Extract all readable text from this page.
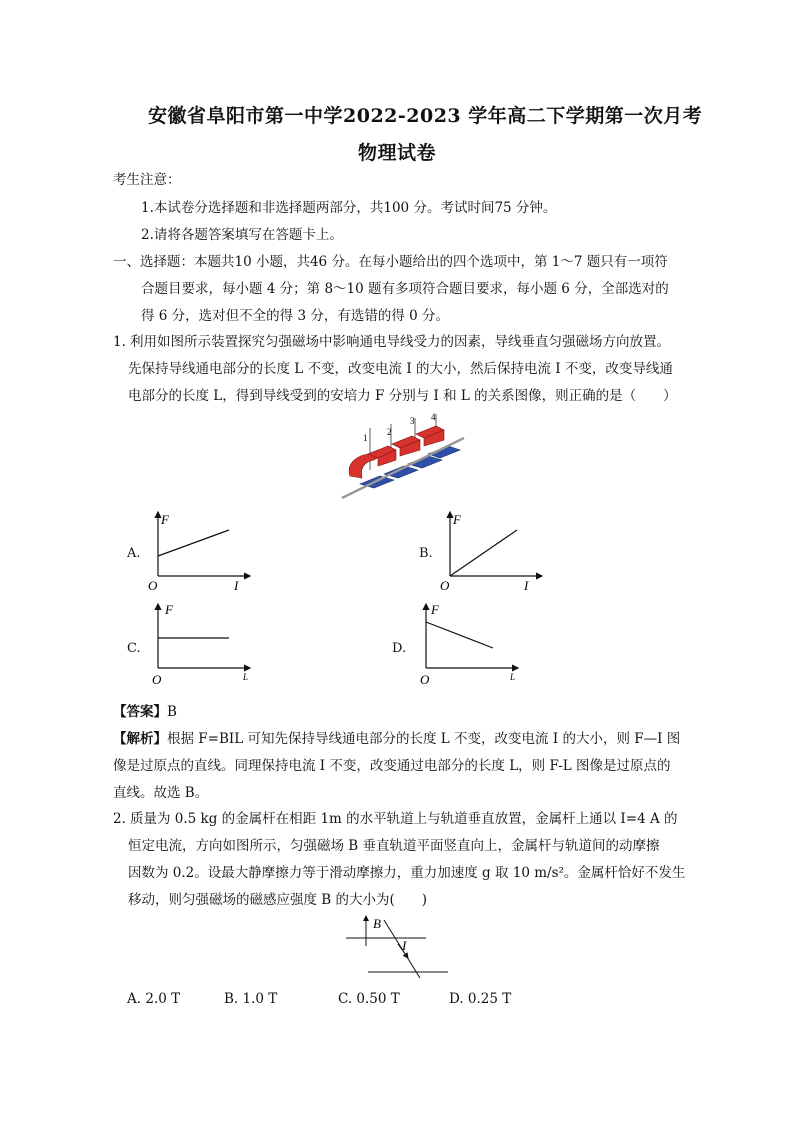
安徽省阜阳市第一中学2022-2023 学年高二下学期第一次月考
物理试卷
考生注意：
1.本试卷分选择题和非选择题两部分，共100 分。考试时间75 分钟。
2.请将各题答案填写在答题卡上。
一、选择题：本题共10 小题，共46 分。在每小题给出的四个选项中，第 1～7 题只有一项符
合题目要求，每小题 4 分；第 8～10 题有多项符合题目要求，每小题 6 分，全部选对的
得 6 分，选对但不全的得 3 分，有选错的得 0 分。
1. 利用如图所示装置探究匀强磁场中影响通电导线受力的因素，导线垂直匀强磁场方向放置。
先保持导线通电部分的长度 L 不变，改变电流 I 的大小，然后保持电流 I 不变，改变导线通
电部分的长度 L，得到导线受到的安培力 F 分别与 I 和 L 的关系图像，则正确的是（　　）
1
2
3 4
A.
F
I
O
B.
F
I
O
C.
F
L
O
D.
F
L
O
【答案】B
【解析】根据 F=BIL 可知先保持导线通电部分的长度 L 不变，改变电流 I 的大小，则 F—I 图
像是过原点的直线。同理保持电流 I 不变，改变通过电部分的长度 L，则 F-L 图像是过原点的
直线。故选 B。
2. 质量为 0.5 kg 的金属杆在相距 1m 的水平轨道上与轨道垂直放置，金属杆上通以 I=4 A 的
恒定电流，方向如图所示，匀强磁场 B 垂直轨道平面竖直向上，金属杆与轨道间的动摩擦
因数为 0.2。设最大静摩擦力等于滑动摩擦力，重力加速度 g 取 10 m/s²。金属杆恰好不发生
移动，则匀强磁场的磁感应强度 B 的大小为(　　)
B
I
A. 2.0 T	B. 1.0 T	C. 0.50 T	D. 0.25 T
